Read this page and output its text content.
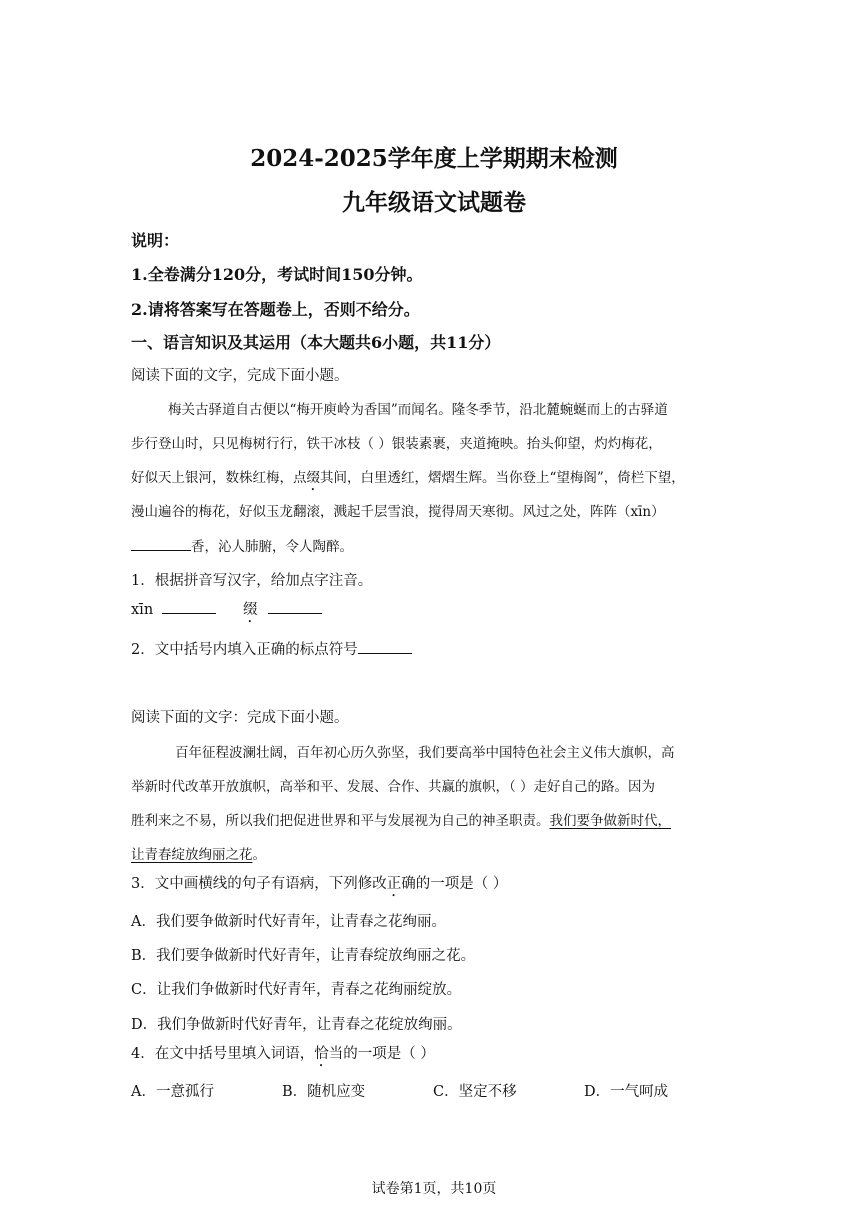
2024-2025学年度上学期期末检测
九年级语文试题卷
说明：
1.全卷满分120分，考试时间150分钟。
2.请将答案写在答题卷上，否则不给分。
一、语言知识及其运用（本大题共6小题，共11分）
阅读下面的文字，完成下面小题。
梅关古驿道自古便以“梅开庾岭为香国”而闻名。隆冬季节，沿北麓蜿蜒而上的古驿道
步行登山时，只见梅树行行，铁干冰枝（ ）银装素裹，夹道掩映。抬头仰望，灼灼梅花，
好似天上银河，数株红梅，点缀其间，白里透红，熠熠生辉。当你登上“望梅阁”，倚栏下望，
漫山遍谷的梅花，好似玉龙翻滚，溅起千层雪浪，搅得周天寒彻。风过之处，阵阵（xīn）
香，沁人肺腑，令人陶醉。
1．根据拼音写汉字，给加点字注音。
xīn	缀
2．文中括号内填入正确的标点符号
阅读下面的文字：完成下面小题。
百年征程波澜壮阔，百年初心历久弥坚，我们要高举中国特色社会主义伟大旗帜，高
举新时代改革开放旗帜，高举和平、发展、合作、共赢的旗帜，（ ）走好自己的路。因为
胜利来之不易，所以我们把促进世界和平与发展视为自己的神圣职责。我们要争做新时代，
让青春绽放绚丽之花。
3．文中画横线的句子有语病，下列修改正确的一项是（ ）
A．我们要争做新时代好青年，让青春之花绚丽。
B．我们要争做新时代好青年，让青春绽放绚丽之花。
C．让我们争做新时代好青年，青春之花绚丽绽放。
D．我们争做新时代好青年，让青春之花绽放绚丽。
4．在文中括号里填入词语，恰当的一项是（ ）
A．一意孤行	B．随机应变	C．坚定不移	D．一气呵成
试卷第1页，共10页
